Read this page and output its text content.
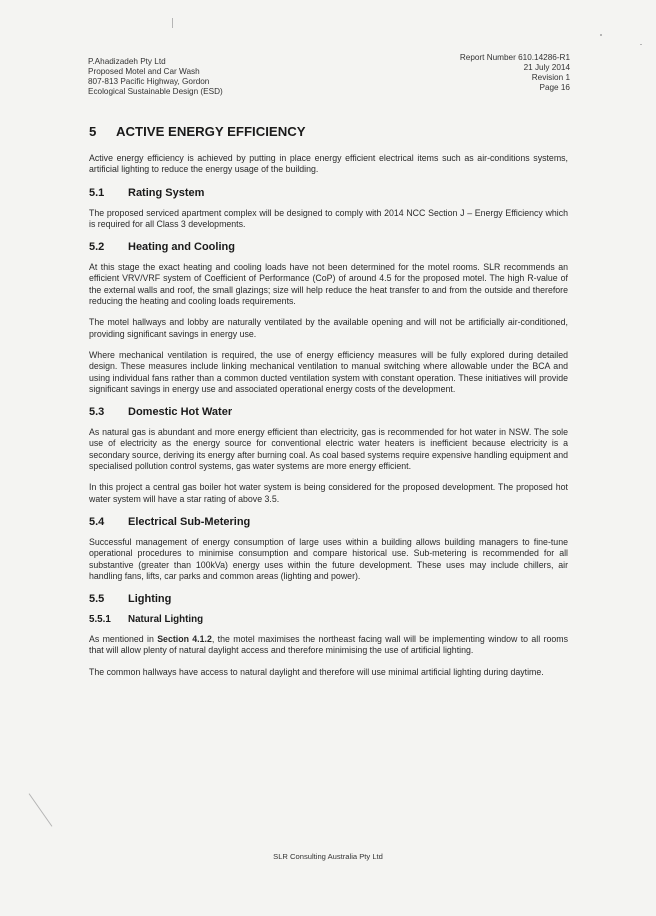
P.Ahadizadeh Pty Ltd
Proposed Motel and Car Wash
807-813 Pacific Highway, Gordon
Ecological Sustainable Design (ESD)
Report Number 610.14286-R1
21 July 2014
Revision 1
Page 16
5 ACTIVE ENERGY EFFICIENCY

Active energy efficiency is achieved by putting in place energy efficient electrical items such as air-conditions systems, artificial lighting to reduce the energy usage of the building.

5.1 Rating System

The proposed serviced apartment complex will be designed to comply with 2014 NCC Section J – Energy Efficiency which is required for all Class 3 developments.

5.2 Heating and Cooling

At this stage the exact heating and cooling loads have not been determined for the motel rooms. SLR recommends an efficient VRV/VRF system of Coefficient of Performance (CoP) of around 4.5 for the proposed motel. The high R-value of the external walls and roof, the small glazings; size will help reduce the heat transfer to and from the outside and therefore reducing the heating and cooling loads requirements.

The motel hallways and lobby are naturally ventilated by the available opening and will not be artificially air-conditioned, providing significant savings in energy use.

Where mechanical ventilation is required, the use of energy efficiency measures will be fully explored during detailed design. These measures include linking mechanical ventilation to manual switching where allowable under the BCA and using individual fans rather than a common ducted ventilation system with constant operation. These initiatives will provide significant savings in energy use and associated operational energy costs of the development.

5.3 Domestic Hot Water

As natural gas is abundant and more energy efficient than electricity, gas is recommended for hot water in NSW. The sole use of electricity as the energy source for conventional electric water heaters is inefficient because electricity is a secondary source, deriving its energy after burning coal. As coal based systems require expensive handling equipment and specialised pollution control systems, gas water systems are more energy efficient.

In this project a central gas boiler hot water system is being considered for the proposed development. The proposed hot water system will have a star rating of above 3.5.

5.4 Electrical Sub-Metering

Successful management of energy consumption of large uses within a building allows building managers to fine-tune operational procedures to minimise consumption and compare historical use. Sub-metering is recommended for all substantive (greater than 100kVa) energy uses within the future development. These uses may include chillers, air handling fans, lifts, car parks and common areas (lighting and power).

5.5 Lighting
5.5.1 Natural Lighting

As mentioned in Section 4.1.2, the motel maximises the northeast facing wall will be implementing window to all rooms that will allow plenty of natural daylight access and therefore minimising the use of artificial lighting.

The common hallways have access to natural daylight and therefore will use minimal artificial lighting during daytime.

SLR Consulting Australia Pty Ltd
